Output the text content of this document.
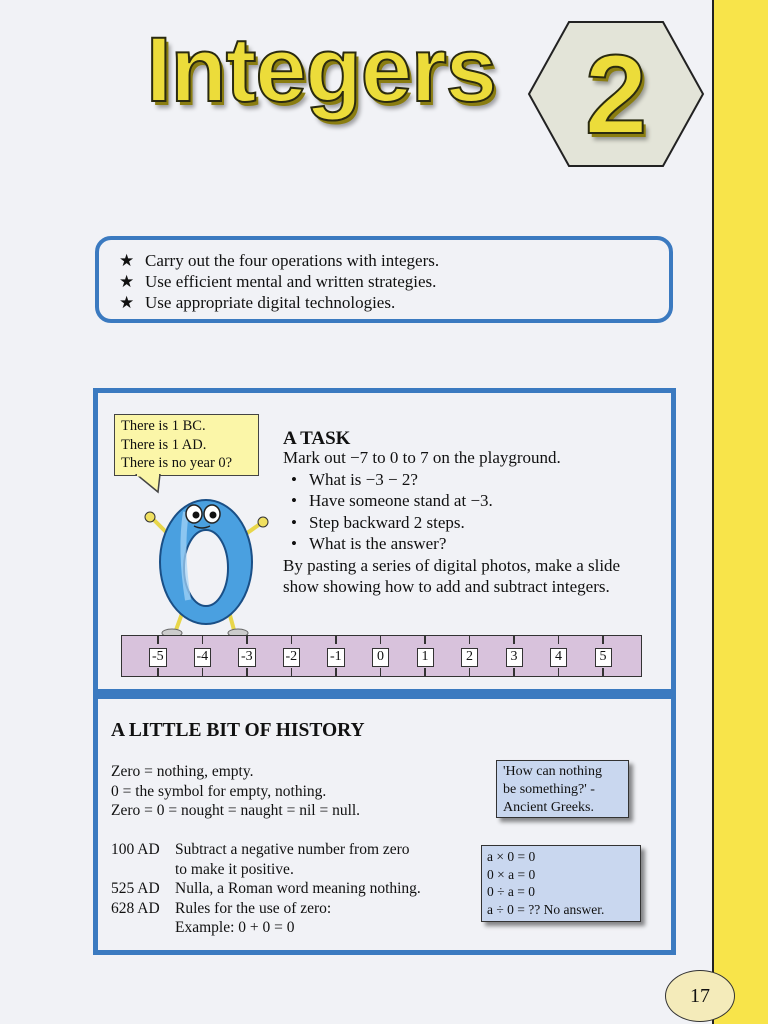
Integers 2
★ Carry out the four operations with integers.
★ Use efficient mental and written strategies.
★ Use appropriate digital technologies.
There is 1 BC.
There is 1 AD.
There is no year 0?
A TASK
Mark out −7 to 0 to 7 on the playground.
• What is −3 − 2?
• Have someone stand at −3.
• Step backward 2 steps.
• What is the answer?
By pasting a series of digital photos, make a slide
show showing how to add and subtract integers.
-5 -4 -3 -2 -1	0	1	2	3	4	5
A LITTLE BIT OF HISTORY
Zero = nothing, empty.
0 = the symbol for empty, nothing.
Zero = 0 = nought = naught = nil = null.
100 AD Subtract a negative number from zero
to make it positive.
525 AD Nulla, a Roman word meaning nothing.
628 AD Rules for the use of zero:
Example: 0 + 0 = 0
'How can nothing
be something?' -
Ancient Greeks.
a × 0 = 0
0 × a = 0
0 ÷ a = 0
a ÷ 0 = ?? No answer.
17
